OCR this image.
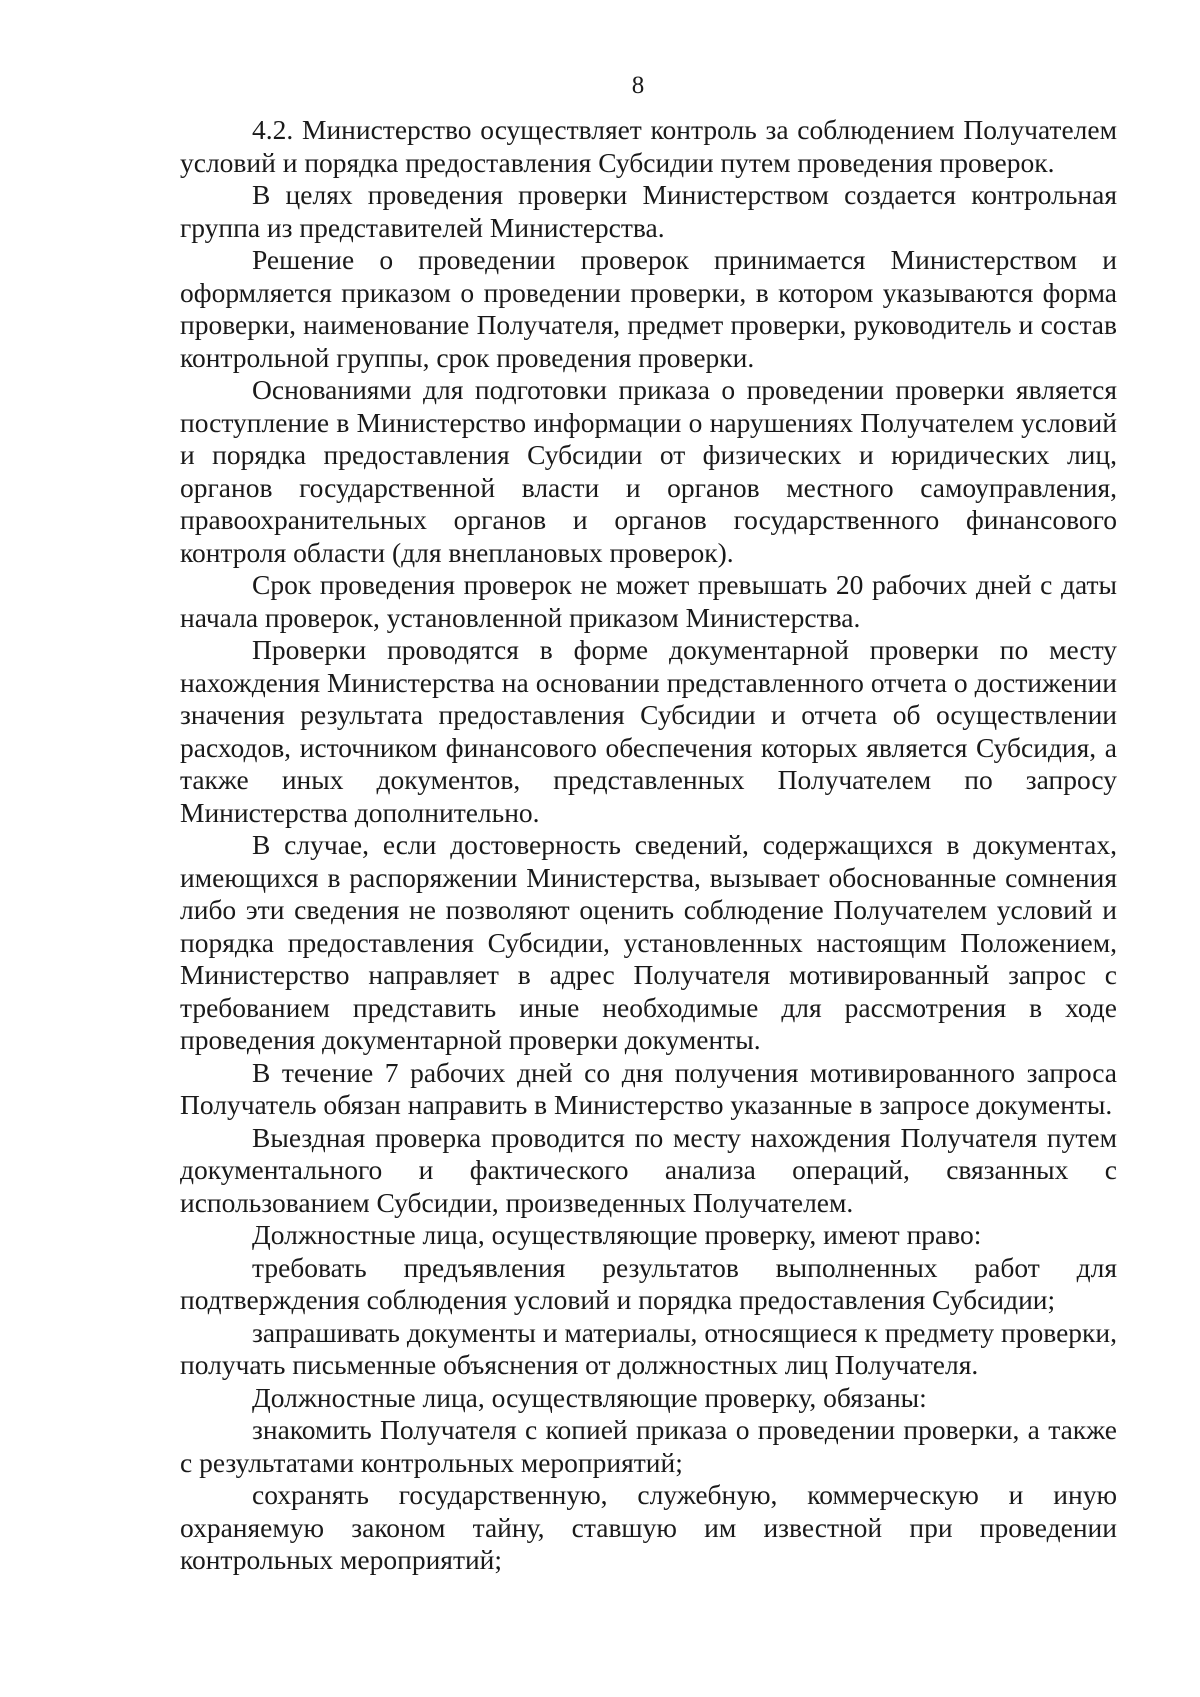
8

4.2. Министерство осуществляет контроль за соблюдением Получателем условий и порядка предоставления Субсидии путем проведения проверок.

В целях проведения проверки Министерством создается контрольная группа из представителей Министерства.

Решение о проведении проверок принимается Министерством и оформляется приказом о проведении проверки, в котором указываются форма проверки, наименование Получателя, предмет проверки, руководитель и состав контрольной группы, срок проведения проверки.

Основаниями для подготовки приказа о проведении проверки является поступление в Министерство информации о нарушениях Получателем условий и порядка предоставления Субсидии от физических и юридических лиц, органов государственной власти и органов местного самоуправления, правоохранительных органов и органов государственного финансового контроля области (для внеплановых проверок).

Срок проведения проверок не может превышать 20 рабочих дней с даты начала проверок, установленной приказом Министерства.

Проверки проводятся в форме документарной проверки по месту нахождения Министерства на основании представленного отчета о достижении значения результата предоставления Субсидии и отчета об осуществлении расходов, источником финансового обеспечения которых является Субсидия, а также иных документов, представленных Получателем по запросу Министерства дополнительно.

В случае, если достоверность сведений, содержащихся в документах, имеющихся в распоряжении Министерства, вызывает обоснованные сомнения либо эти сведения не позволяют оценить соблюдение Получателем условий и порядка предоставления Субсидии, установленных настоящим Положением, Министерство направляет в адрес Получателя мотивированный запрос с требованием представить иные необходимые для рассмотрения в ходе проведения документарной проверки документы.

В течение 7 рабочих дней со дня получения мотивированного запроса Получатель обязан направить в Министерство указанные в запросе документы.

Выездная проверка проводится по месту нахождения Получателя путем документального и фактического анализа операций, связанных с использованием Субсидии, произведенных Получателем.

Должностные лица, осуществляющие проверку, имеют право:

требовать предъявления результатов выполненных работ для подтверждения соблюдения условий и порядка предоставления Субсидии;

запрашивать документы и материалы, относящиеся к предмету проверки, получать письменные объяснения от должностных лиц Получателя.

Должностные лица, осуществляющие проверку, обязаны:

знакомить Получателя с копией приказа о проведении проверки, а также с результатами контрольных мероприятий;

сохранять государственную, служебную, коммерческую и иную охраняемую законом тайну, ставшую им известной при проведении контрольных мероприятий;
